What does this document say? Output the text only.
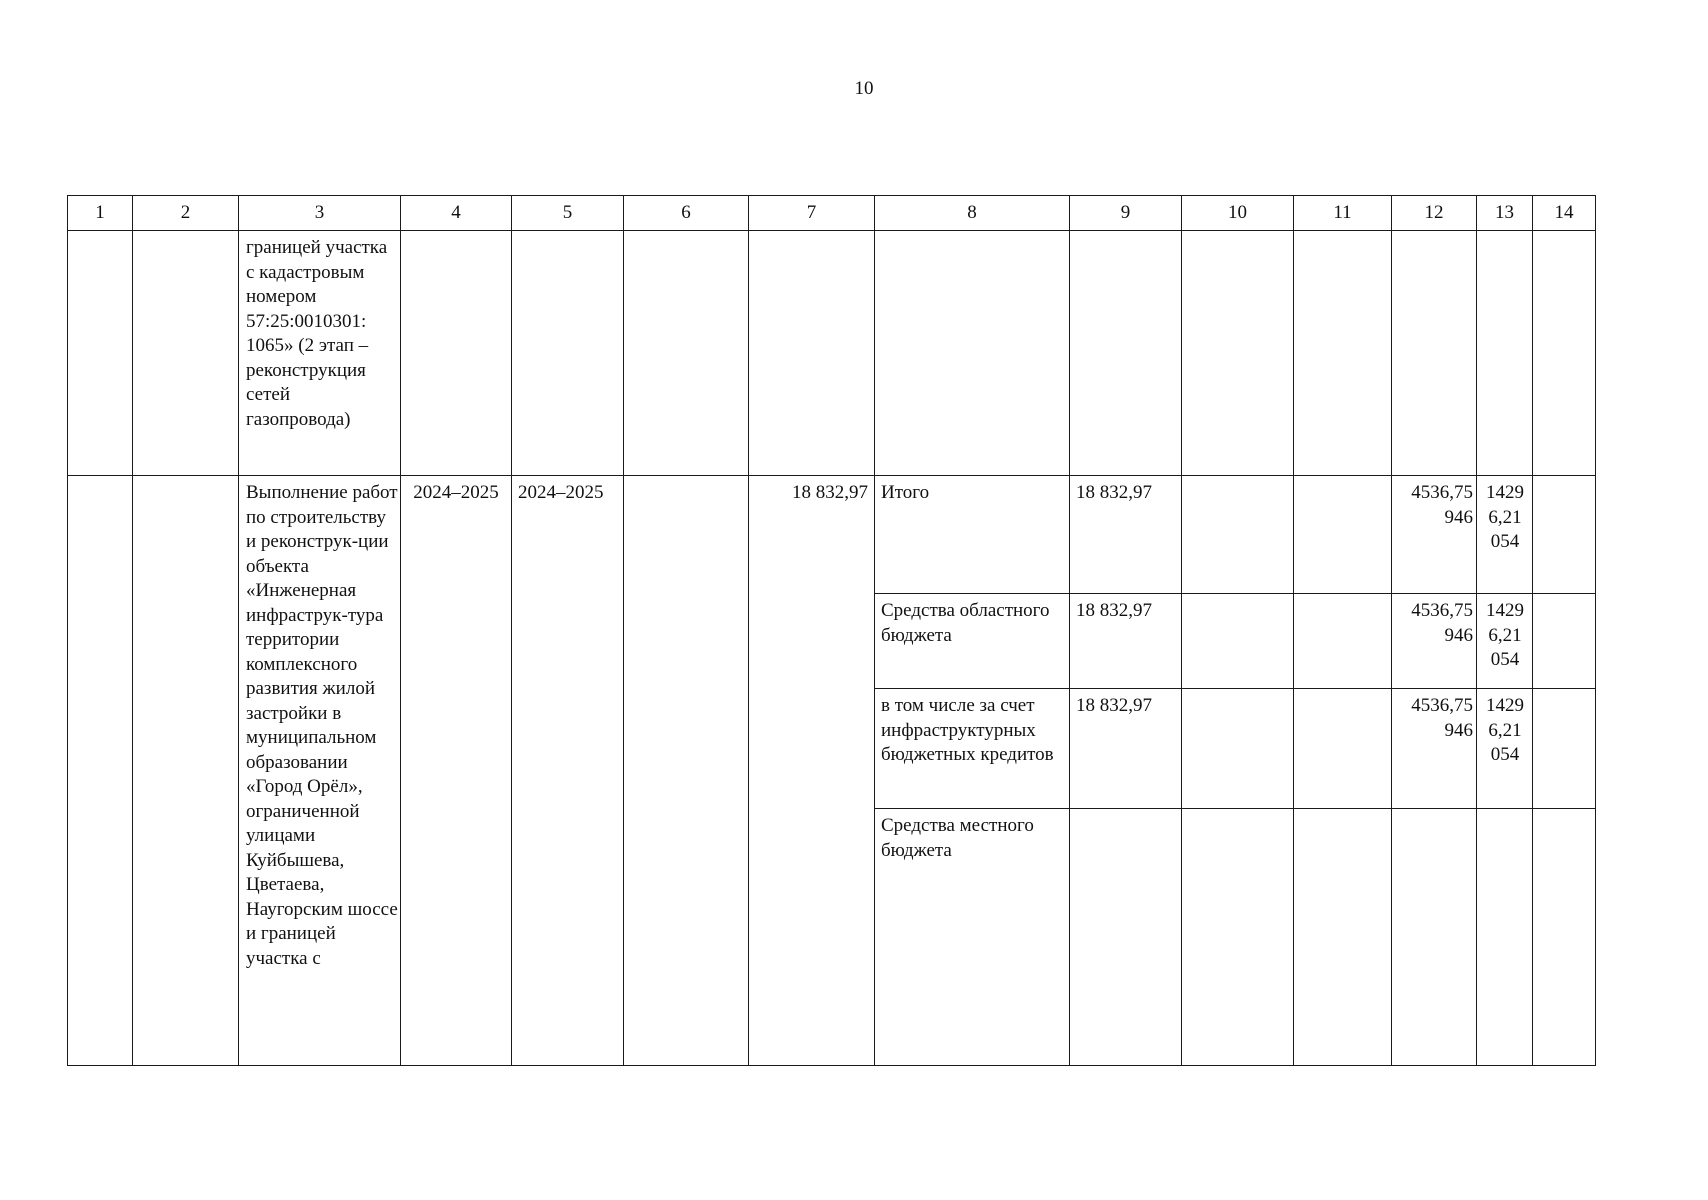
10
1	2	3	4	5	6	7	8	9	10	11	12	13	14
		границей участка с кадастровым номером 57:25:0010301: 1065» (2 этап – реконструкция сетей газопровода)											
		Выполнение работ по строительству и реконструк-ции объекта «Инженерная инфраструк-тура территории комплексного развития жилой застройки в муниципальном образовании «Город Орёл», ограниченной улицами Куйбышева, Цветаева, Наугорским шоссе и границей участка с	2024–2025	2024–2025		18 832,97	Итого	18 832,97			4536,75 946	1429 6,21 054	
							Средства областного бюджета	18 832,97			4536,75 946	1429 6,21 054	
							в том числе за счет инфраструктурных бюджетных кредитов	18 832,97			4536,75 946	1429 6,21 054	
							Средства местного бюджета						
